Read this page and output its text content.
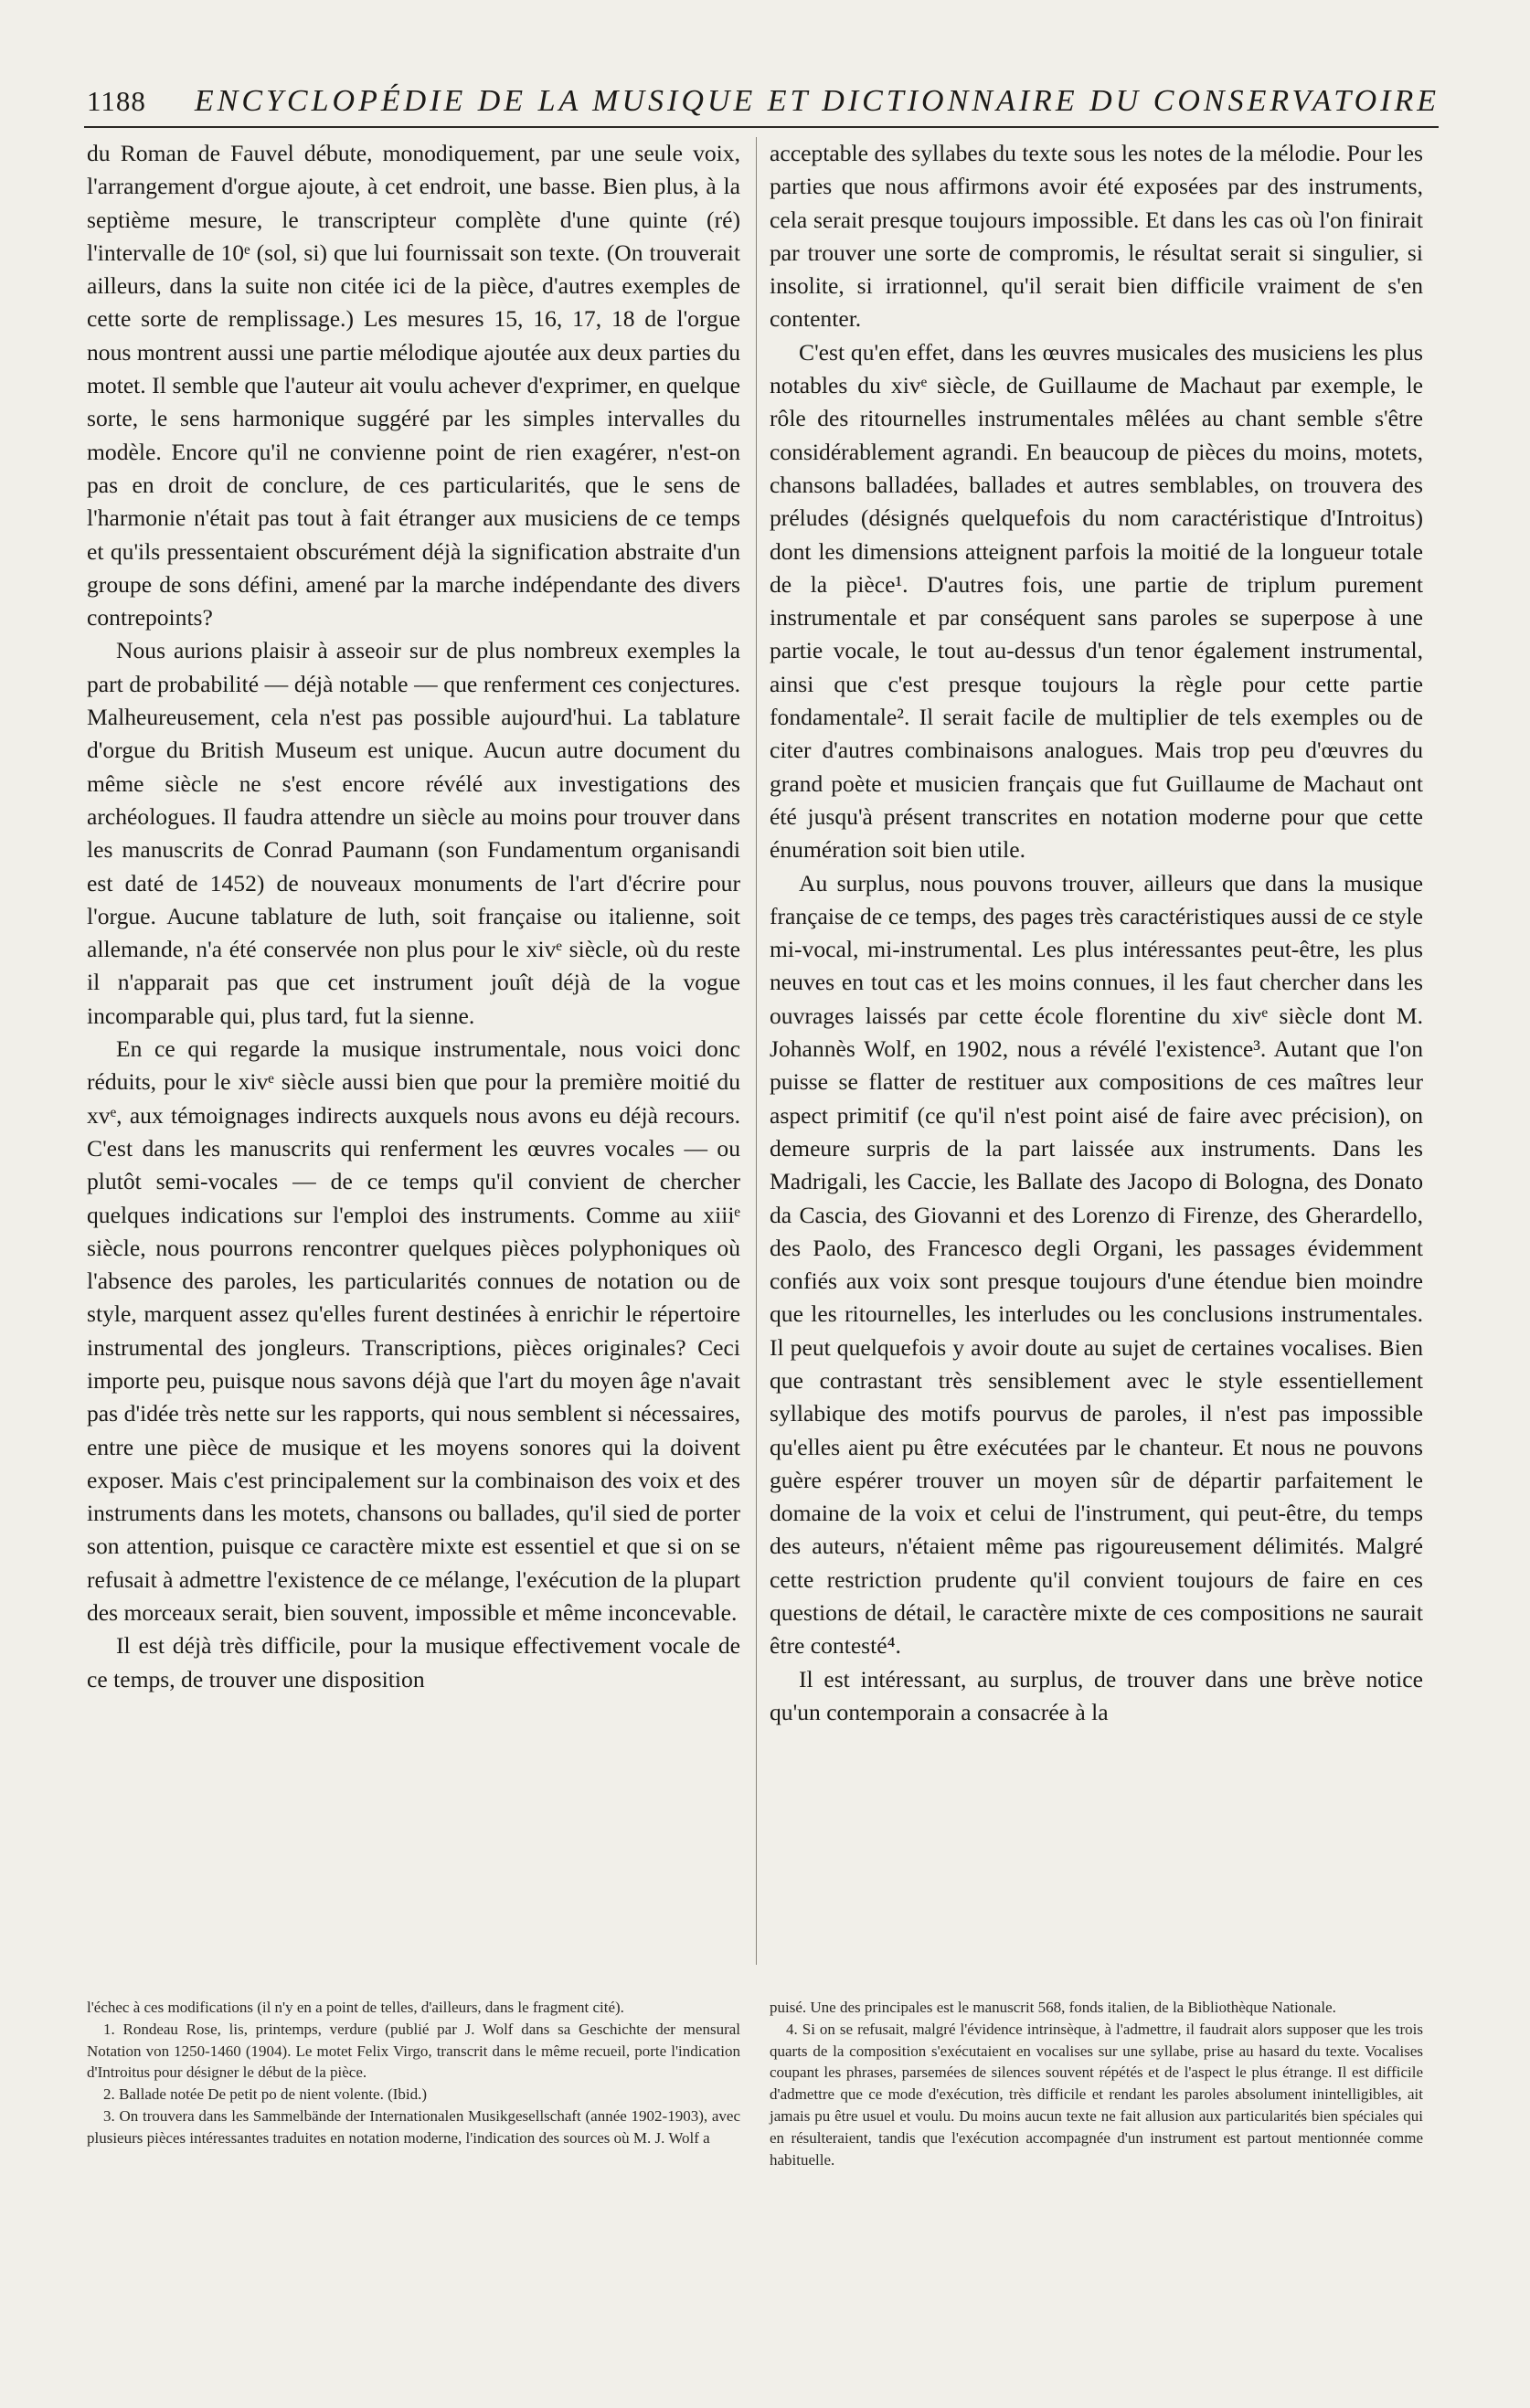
1188	ENCYCLOPÉDIE DE LA MUSIQUE ET DICTIONNAIRE DU CONSERVATOIRE

du Roman de Fauvel débute, monodiquement, par une seule voix, l'arrangement d'orgue ajoute, à cet endroit, une basse. Bien plus, à la septième mesure, le transcripteur complète d'une quinte (ré) l'intervalle de 10ᵉ (sol, si) que lui fournissait son texte. (On trouverait ailleurs, dans la suite non citée ici de la pièce, d'autres exemples de cette sorte de remplissage.) Les mesures 15, 16, 17, 18 de l'orgue nous montrent aussi une partie mélodique ajoutée aux deux parties du motet. Il semble que l'auteur ait voulu achever d'exprimer, en quelque sorte, le sens harmonique suggéré par les simples intervalles du modèle. Encore qu'il ne convienne point de rien exagérer, n'est-on pas en droit de conclure, de ces particularités, que le sens de l'harmonie n'était pas tout à fait étranger aux musiciens de ce temps et qu'ils pressentaient obscurément déjà la signification abstraite d'un groupe de sons défini, amené par la marche indépendante des divers contrepoints?

Nous aurions plaisir à asseoir sur de plus nombreux exemples la part de probabilité — déjà notable — que renferment ces conjectures. Malheureusement, cela n'est pas possible aujourd'hui. La tablature d'orgue du British Museum est unique. Aucun autre document du même siècle ne s'est encore révélé aux investigations des archéologues. Il faudra attendre un siècle au moins pour trouver dans les manuscrits de Conrad Paumann (son Fundamentum organisandi est daté de 1452) de nouveaux monuments de l'art d'écrire pour l'orgue. Aucune tablature de luth, soit française ou italienne, soit allemande, n'a été conservée non plus pour le xivᵉ siècle, où du reste il n'apparait pas que cet instrument jouît déjà de la vogue incomparable qui, plus tard, fut la sienne.

En ce qui regarde la musique instrumentale, nous voici donc réduits, pour le xivᵉ siècle aussi bien que pour la première moitié du xvᵉ, aux témoignages indirects auxquels nous avons eu déjà recours. C'est dans les manuscrits qui renferment les œuvres vocales — ou plutôt semi-vocales — de ce temps qu'il convient de chercher quelques indications sur l'emploi des instruments. Comme au xiiiᵉ siècle, nous pourrons rencontrer quelques pièces polyphoniques où l'absence des paroles, les particularités connues de notation ou de style, marquent assez qu'elles furent destinées à enrichir le répertoire instrumental des jongleurs. Transcriptions, pièces originales? Ceci importe peu, puisque nous savons déjà que l'art du moyen âge n'avait pas d'idée très nette sur les rapports, qui nous semblent si nécessaires, entre une pièce de musique et les moyens sonores qui la doivent exposer. Mais c'est principalement sur la combinaison des voix et des instruments dans les motets, chansons ou ballades, qu'il sied de porter son attention, puisque ce caractère mixte est essentiel et que si on se refusait à admettre l'existence de ce mélange, l'exécution de la plupart des morceaux serait, bien souvent, impossible et même inconcevable.

Il est déjà très difficile, pour la musique effectivement vocale de ce temps, de trouver une disposition

acceptable des syllabes du texte sous les notes de la mélodie. Pour les parties que nous affirmons avoir été exposées par des instruments, cela serait presque toujours impossible. Et dans les cas où l'on finirait par trouver une sorte de compromis, le résultat serait si singulier, si insolite, si irrationnel, qu'il serait bien difficile vraiment de s'en contenter.

C'est qu'en effet, dans les œuvres musicales des musiciens les plus notables du xivᵉ siècle, de Guillaume de Machaut par exemple, le rôle des ritournelles instrumentales mêlées au chant semble s'être considérablement agrandi. En beaucoup de pièces du moins, motets, chansons balladées, ballades et autres semblables, on trouvera des préludes (désignés quelquefois du nom caractéristique d'Introitus) dont les dimensions atteignent parfois la moitié de la longueur totale de la pièce¹. D'autres fois, une partie de triplum purement instrumentale et par conséquent sans paroles se superpose à une partie vocale, le tout au-dessus d'un tenor également instrumental, ainsi que c'est presque toujours la règle pour cette partie fondamentale². Il serait facile de multiplier de tels exemples ou de citer d'autres combinaisons analogues. Mais trop peu d'œuvres du grand poète et musicien français que fut Guillaume de Machaut ont été jusqu'à présent transcrites en notation moderne pour que cette énumération soit bien utile.

Au surplus, nous pouvons trouver, ailleurs que dans la musique française de ce temps, des pages très caractéristiques aussi de ce style mi-vocal, mi-instrumental. Les plus intéressantes peut-être, les plus neuves en tout cas et les moins connues, il les faut chercher dans les ouvrages laissés par cette école florentine du xivᵉ siècle dont M. Johannès Wolf, en 1902, nous a révélé l'existence³. Autant que l'on puisse se flatter de restituer aux compositions de ces maîtres leur aspect primitif (ce qu'il n'est point aisé de faire avec précision), on demeure surpris de la part laissée aux instruments. Dans les Madrigali, les Caccie, les Ballate des Jacopo di Bologna, des Donato da Cascia, des Giovanni et des Lorenzo di Firenze, des Gherardello, des Paolo, des Francesco degli Organi, les passages évidemment confiés aux voix sont presque toujours d'une étendue bien moindre que les ritournelles, les interludes ou les conclusions instrumentales. Il peut quelquefois y avoir doute au sujet de certaines vocalises. Bien que contrastant très sensiblement avec le style essentiellement syllabique des motifs pourvus de paroles, il n'est pas impossible qu'elles aient pu être exécutées par le chanteur. Et nous ne pouvons guère espérer trouver un moyen sûr de départir parfaitement le domaine de la voix et celui de l'instrument, qui peut-être, du temps des auteurs, n'étaient même pas rigoureusement délimités. Malgré cette restriction prudente qu'il convient toujours de faire en ces questions de détail, le caractère mixte de ces compositions ne saurait être contesté⁴.

Il est intéressant, au surplus, de trouver dans une brève notice qu'un contemporain a consacrée à la

l'échec à ces modifications (il n'y en a point de telles, d'ailleurs, dans le fragment cité).

1. Rondeau Rose, lis, printemps, verdure (publié par J. Wolf dans sa Geschichte der mensural Notation von 1250-1460 (1904). Le motet Felix Virgo, transcrit dans le même recueil, porte l'indication d'Introitus pour désigner le début de la pièce.

2. Ballade notée De petit po de nient volente. (Ibid.)

3. On trouvera dans les Sammelbände der Internationalen Musikgesellschaft (année 1902-1903), avec plusieurs pièces intéressantes traduites en notation moderne, l'indication des sources où M. J. Wolf a

puisé. Une des principales est le manuscrit 568, fonds italien, de la Bibliothèque Nationale.

4. Si on se refusait, malgré l'évidence intrinsèque, à l'admettre, il faudrait alors supposer que les trois quarts de la composition s'exécutaient en vocalises sur une syllabe, prise au hasard du texte. Vocalises coupant les phrases, parsemées de silences souvent répétés et de l'aspect le plus étrange. Il est difficile d'admettre que ce mode d'exécution, très difficile et rendant les paroles absolument inintelligibles, ait jamais pu être usuel et voulu. Du moins aucun texte ne fait allusion aux particularités bien spéciales qui en résulteraient, tandis que l'exécution accompagnée d'un instrument est partout mentionnée comme habituelle.
